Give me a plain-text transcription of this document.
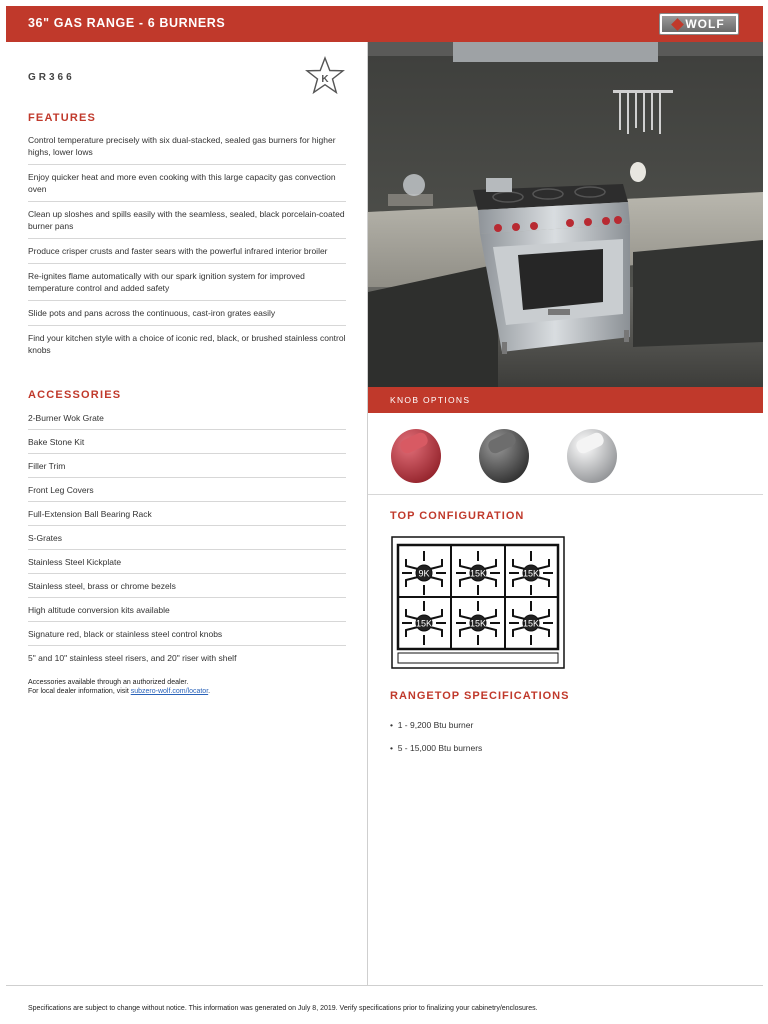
36" GAS RANGE - 6 BURNERS	WOLF
GR366	K
FEATURES
Control temperature precisely with six dual-stacked, sealed gas burners for higher highs, lower lows
Enjoy quicker heat and more even cooking with this large capacity gas convection oven
Clean up sloshes and spills easily with the seamless, sealed, black porcelain-coated burner pans
Produce crisper crusts and faster sears with the powerful infrared interior broiler
Re-ignites flame automatically with our spark ignition system for improved temperature control and added safety
Slide pots and pans across the continuous, cast-iron grates easily
Find your kitchen style with a choice of iconic red, black, or brushed stainless control knobs
ACCESSORIES
2-Burner Wok Grate
Bake Stone Kit
Filler Trim
Front Leg Covers
Full-Extension Ball Bearing Rack
S-Grates
Stainless Steel Kickplate
Stainless steel, brass or chrome bezels
High altitude conversion kits available
Signature red, black or stainless steel control knobs
5" and 10" stainless steel risers, and 20" riser with shelf
Accessories available through an authorized dealer.
For local dealer information, visit subzero-wolf.com/locator.
KNOB OPTIONS
TOP CONFIGURATION
9K	15K	15K
15K	15K	15K
RANGETOP SPECIFICATIONS
•  1 - 9,200 Btu burner
•  5 - 15,000 Btu burners
Specifications are subject to change without notice. This information was generated on July 8, 2019. Verify specifications prior to finalizing your cabinetry/enclosures.
